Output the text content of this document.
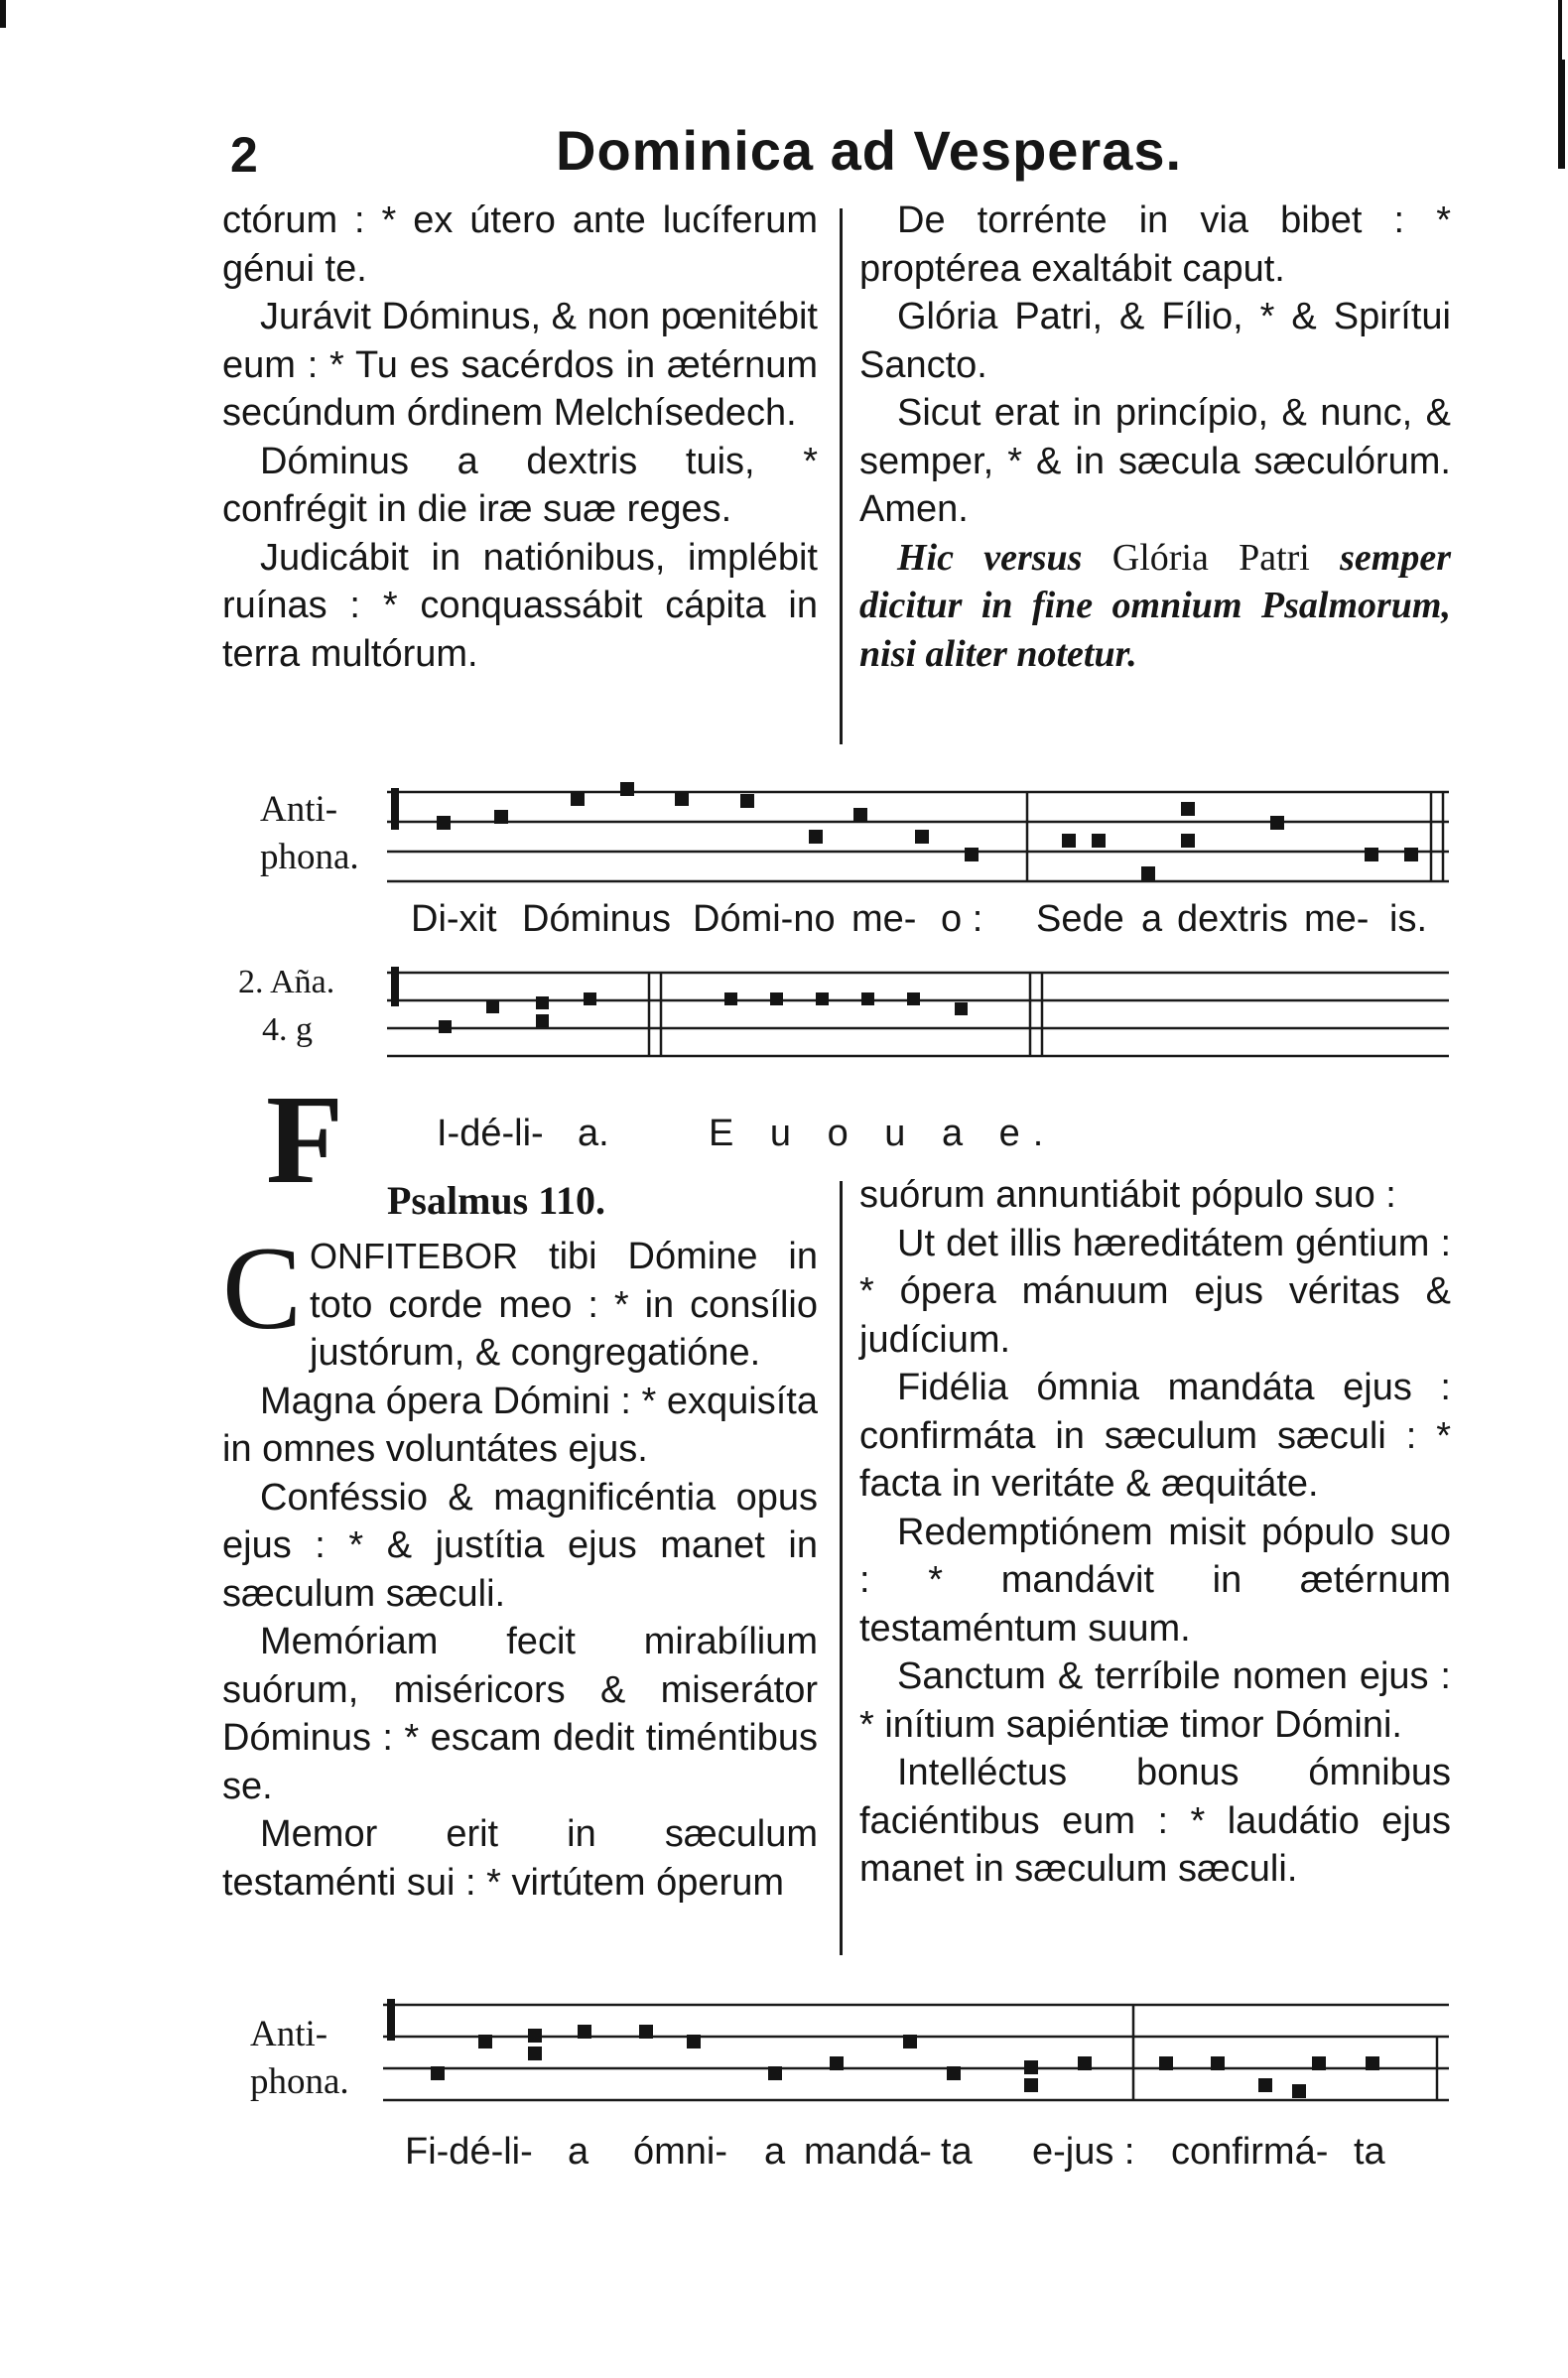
2	Dominica ad Vesperas.

ctórum : * ex útero ante lucíferum génui te.

Jurávit Dóminus, & non pœnitébit eum : * Tu es sacérdos in ætérnum secúndum órdinem Melchísedech.

Dóminus a dextris tuis, * confrégit in die iræ suæ reges.

Judicábit in natiónibus, implébit ruínas : * conquassábit cápita in terra multórum.

De torrénte in via bibet : * proptérea exaltábit caput.

Glória Patri, & Fílio, * & Spirítui Sancto.

Sicut erat in princípio, & nunc, & semper, * & in sæcula sæculórum. Amen.

Hic versus Glória Patri semper dicitur in fine omnium Psalmorum, nisi aliter notetur.

Anti-
phona.
Di-xit Dóminus Dómi-no me- o : Sede a dextris me- is.
2. Aña.
4. g
F I-dé-li- a.	E u o u a e.
Psalmus 110.

CONFITEBOR tibi Dómine in toto corde meo : * in consílio justórum, & congregatióne.

Magna ópera Dómini : * exquisíta in omnes voluntátes ejus.

Conféssio & magnificéntia opus ejus : * & justítia ejus manet in sæculum sæculi.

Memóriam fecit mirabílium suórum, miséricors & miserátor Dóminus : * escam dedit timéntibus se.

Memor erit in sæculum testaménti sui : * virtútem óperum

suórum annuntiábit pópulo suo :

Ut det illis hæreditátem géntium : * ópera mánuum ejus véritas & judícium.

Fidélia ómnia mandáta ejus : confirmáta in sæculum sæculi : * facta in veritáte & æquitáte.

Redemptiónem misit pópulo suo : * mandávit in ætérnum testaméntum suum.

Sanctum & terríbile nomen ejus : * inítium sapiéntiæ timor Dómini.

Intelléctus bonus ómnibus faciéntibus eum : * laudátio ejus manet in sæculum sæculi.

Anti-
phona.
Fi-dé-li- a ómni- a mandá- ta e-jus : confirmá- ta
